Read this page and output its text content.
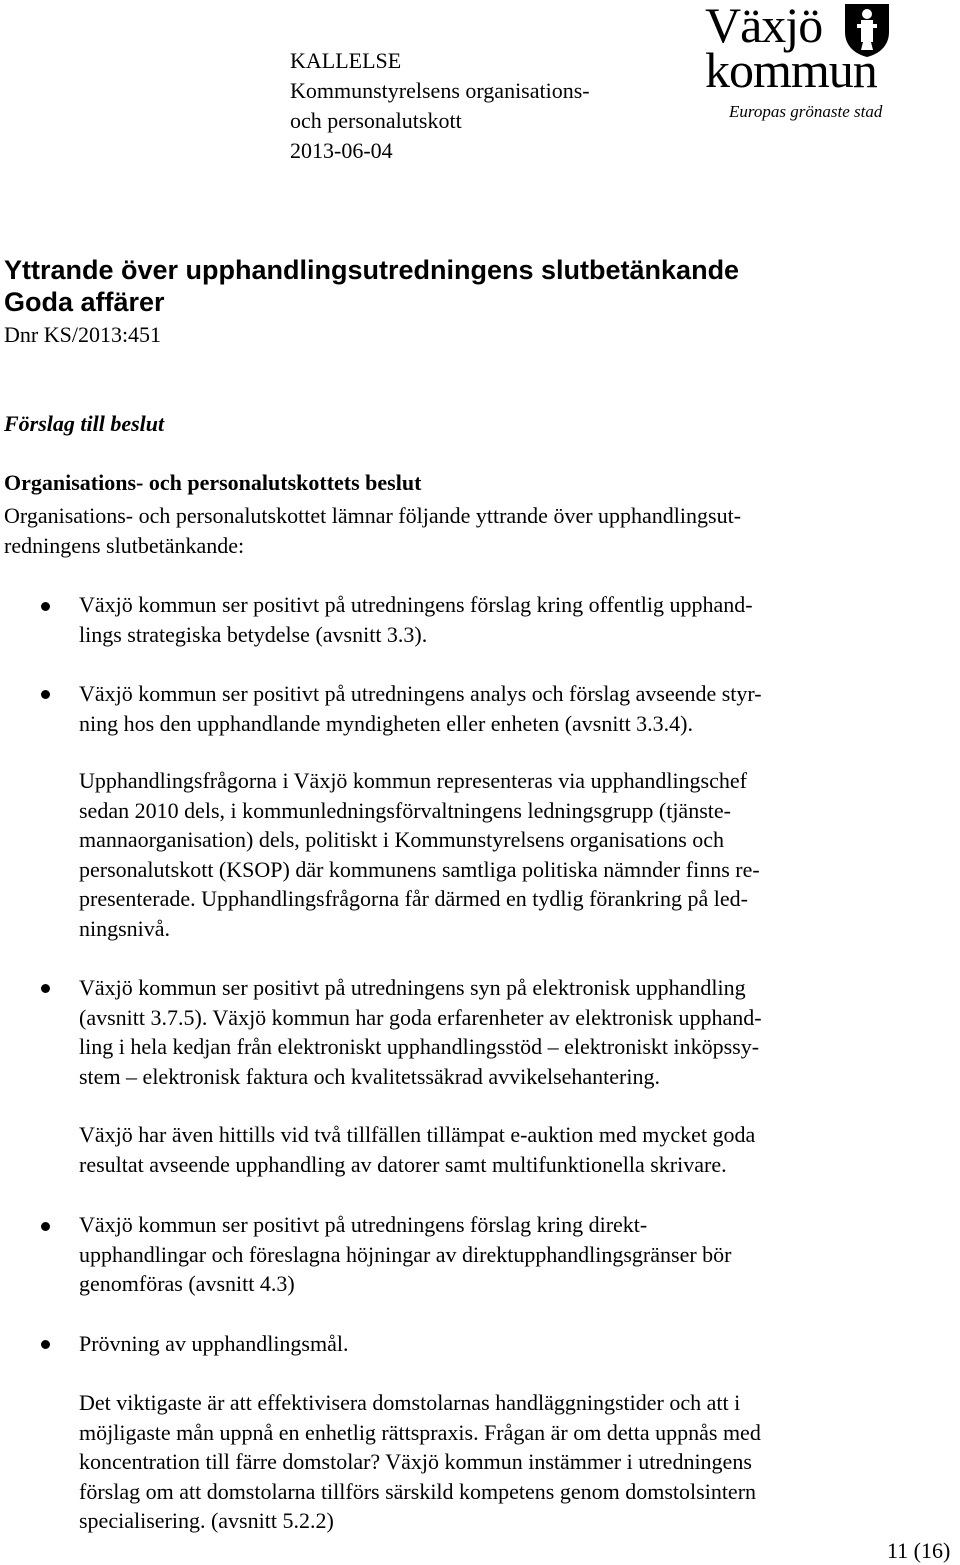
KALLELSE
Kommunstyrelsens organisations-
och personalutskott
2013-06-04
Växjö
kommun
Europas grönaste stad
Yttrande över upphandlingsutredningens slutbetänkande
Goda affärer
Dnr KS/2013:451
Förslag till beslut
Organisations- och personalutskottets beslut
Organisations- och personalutskottet lämnar följande yttrande över upphandlingsut-
redningens slutbetänkande:
Växjö kommun ser positivt på utredningens förslag kring offentlig upphand-
lings strategiska betydelse (avsnitt 3.3).
Växjö kommun ser positivt på utredningens analys och förslag avseende styr-
ning hos den upphandlande myndigheten eller enheten (avsnitt 3.3.4).
Upphandlingsfrågorna i Växjö kommun representeras via upphandlingschef
sedan 2010 dels, i kommunledningsförvaltningens ledningsgrupp (tjänste-
mannaorganisation) dels, politiskt i Kommunstyrelsens organisations och
personalutskott (KSOP) där kommunens samtliga politiska nämnder finns re-
presenterade. Upphandlingsfrågorna får därmed en tydlig förankring på led-
ningsnivå.
Växjö kommun ser positivt på utredningens syn på elektronisk upphandling
(avsnitt 3.7.5). Växjö kommun har goda erfarenheter av elektronisk upphand-
ling i hela kedjan från elektroniskt upphandlingsstöd – elektroniskt inköpssy-
stem – elektronisk faktura och kvalitetssäkrad avvikelsehantering.
Växjö har även hittills vid två tillfällen tillämpat e-auktion med mycket goda
resultat avseende upphandling av datorer samt multifunktionella skrivare.
Växjö kommun ser positivt på utredningens förslag kring direkt-
upphandlingar och föreslagna höjningar av direktupphandlingsgränser bör
genomföras (avsnitt 4.3)
Prövning av upphandlingsmål.
Det viktigaste är att effektivisera domstolarnas handläggningstider och att i
möjligaste mån uppnå en enhetlig rättspraxis. Frågan är om detta uppnås med
koncentration till färre domstolar? Växjö kommun instämmer i utredningens
förslag om att domstolarna tillförs särskild kompetens genom domstolsintern
specialisering. (avsnitt 5.2.2)
11 (16)
